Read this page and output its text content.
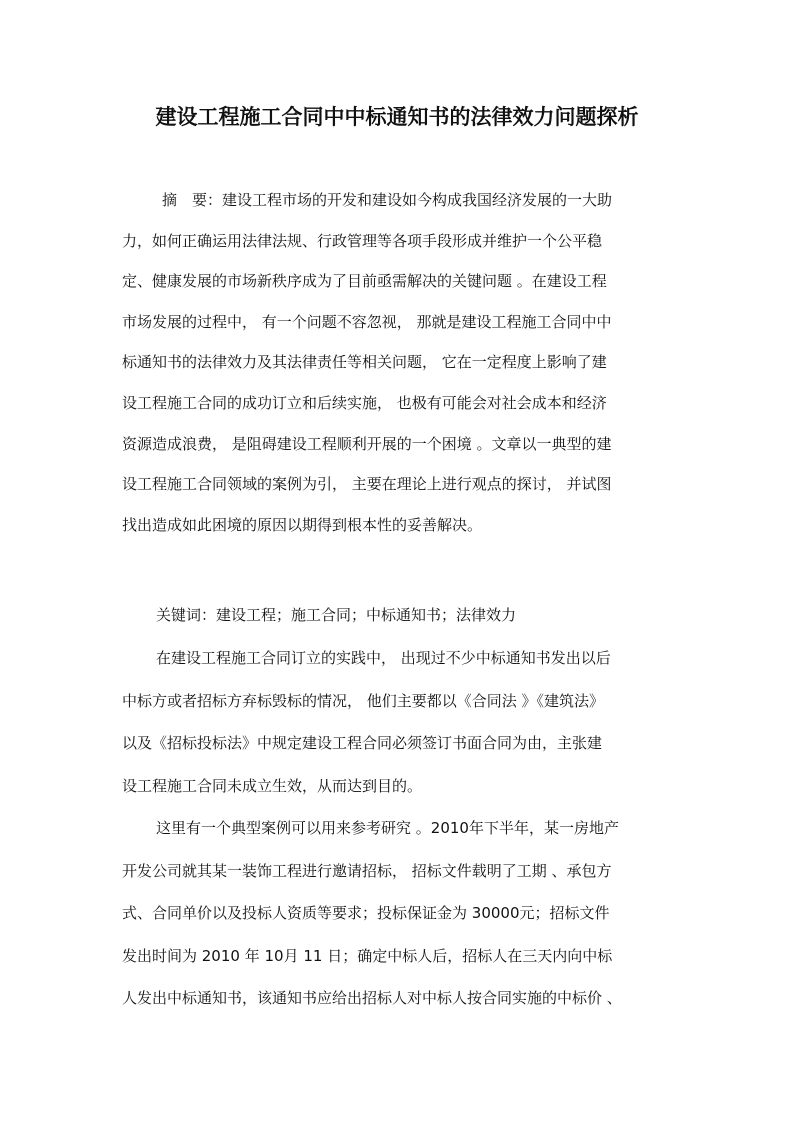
建设工程施工合同中中标通知书的法律效力问题探析
摘　要：建设工程市场的开发和建设如今构成我国经济发展的一大助
力，如何正确运用法律法规、行政管理等各项手段形成并维护一个公平稳
定、健康发展的市场新秩序成为了目前亟需解决的关键问题 。在建设工程
市场发展的过程中， 有一个问题不容忽视， 那就是建设工程施工合同中中
标通知书的法律效力及其法律责任等相关问题， 它在一定程度上影响了建
设工程施工合同的成功订立和后续实施， 也极有可能会对社会成本和经济
资源造成浪费， 是阻碍建设工程顺利开展的一个困境 。文章以一典型的建
设工程施工合同领域的案例为引， 主要在理论上进行观点的探讨， 并试图
找出造成如此困境的原因以期得到根本性的妥善解决。
关键词：建设工程；施工合同；中标通知书；法律效力
在建设工程施工合同订立的实践中， 出现过不少中标通知书发出以后
中标方或者招标方弃标毁标的情况， 他们主要都以《合同法 》《建筑法》
以及《招标投标法》中规定建设工程合同必须签订书面合同为由，主张建
设工程施工合同未成立生效，从而达到目的。
这里有一个典型案例可以用来参考研究 。2010年下半年，某一房地产
开发公司就其某一装饰工程进行邀请招标， 招标文件载明了工期 、承包方
式、合同单价以及投标人资质等要求；投标保证金为 30000元；招标文件
发出时间为 2010 年 10月 11 日；确定中标人后，招标人在三天内向中标
人发出中标通知书，该通知书应给出招标人对中标人按合同实施的中标价 、
